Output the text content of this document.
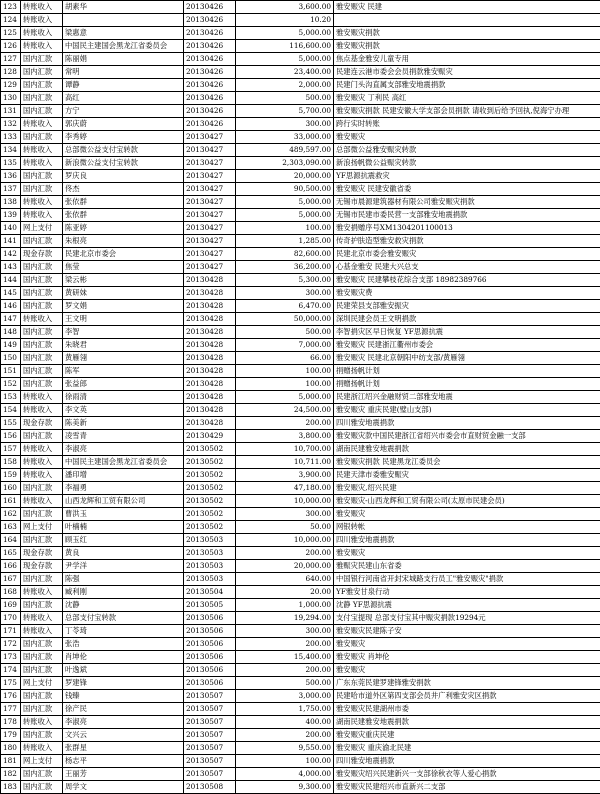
123	转账收入	胡素华	20130426	3,600.00	雅安赈灾 民建
124	转账收入		20130426	10.20	
125	转账收入	梁惠意	20130426	5,000.00	雅安赈灾捐款
126	转账收入	中国民主建国会黑龙江省委员会	20130426	116,600.00	雅安赈灾捐款
127	国内汇款	陈丽娟	20130426	5,000.00	焦点基金雅安儿童专用
128	国内汇款	常明	20130426	23,400.00	民建连云港市委会会员捐款雅安赈灾
129	国内汇款	谭静	20130426	2,000.00	民建门头沟直属支部雅安地震捐款
130	国内汇款	高红	20130426	500.00	雅安赈灾 丁利民 高红
131	国内汇款	方宁	20130426	5,700.00	雅安赈灾捐款 民建安徽大学支部会员捐款 请收到后给予回执,倪海宁办理
132	转账收入	郭庆蔚	20130426	300.00	跨行实时转账
133	国内汇款	李秀婷	20130427	33,000.00	雅安赈灾
134	转账收入	总部微公益支付宝转款	20130427	489,597.00	总部微公益雅安赈灾转款
135	转账收入	新浪微公益支付宝转款	20130427	2,303,090.00	新浪扬帆微公益赈灾转款
136	国内汇款	罗庆良	20130427	20,000.00	YF思源抗震救灾
137	国内汇款	佟杰	20130427	90,500.00	雅安赈灾 民建安徽省委
138	转账收入	张依群	20130427	5,000.00	无锡市晨源建筑器材有限公司雅安赈灾捐款
139	转账收入	张依群	20130427	5,000.00	无锡市民建市委民营一支部雅安地震捐款
140	网上支付	陈亚婷	20130427	100.00	雅安捐赠序号XM1304201100013
141	国内汇款	朱根亮	20130427	1,285.00	传奇护肤造型雅安救灾捐款
142	现金存款	民建北京市委会	20130427	82,600.00	民建北京市委会雅安赈灾
143	国内汇款	焦莹	20130427	36,200.00	心基金雅安 民建大兴总支
144	国内汇款	梁云彬	20130428	5,300.00	雅安赈灾 民建攀枝花综合支部 18982389766
145	国内汇款	黄研妹	20130428	300.00	雅安赈灾费
146	国内汇款	罗文娟	20130428	6,470.00	民建荣县支部雅安振灾
147	转账收入	王文明	20130428	50,000.00	深圳民建会员王文明捐款
148	国内汇款	李智	20130428	500.00	李智捐灾区早日恢复 YF思源抗震
149	国内汇款	朱晓君	20130428	7,000.00	雅安赈灾 民建浙江衢州市委会
150	国内汇款	黄雁翎	20130428	66.00	雅安赈灾 民建北京朝阳中纺支部/黄雁翎
151	国内汇款	陈军	20130428	100.00	捐赠扬帆计划
152	国内汇款	张益郎	20130428	100.00	捐赠扬帆计划
153	转账收入	徐雨清	20130428	5,000.00	民建浙江绍兴金融财贸二部雅安地震
154	转账收入	李文英	20130428	24,500.00	雅安赈灾 重庆民建(璧山支部)
155	现金存款	陈美新	20130428	200.00	四川雅安地震捐款
156	国内汇款	凌雪青	20130429	3,800.00	雅安赈灾款中国民建浙江省绍兴市委会市直财贸金融一支部
157	转账收入	李淑亮	20130502	10,700.00	湖南民建雅安地震捐款
158	转账收入	中国民主建国会黑龙江省委员会	20130502	10,711.00	雅安赈灾捐款 民建黑龙江委员会
159	转账收入	潘印增	20130502	3,900.00	民建天津市委雅安赈灾
160	国内汇款	李福勇	20130502	47,180.00	雅安赈灾,绍兴民建
161	转账收入	山西龙辉和工贸有限公司	20130502	10,000.00	雅安赈灾-山西龙辉和工贸有限公司(太原市民建会员)
162	国内汇款	曹洪玉	20130502	300.00	雅安赈灾
163	网上支付	叶楠楠	20130502	50.00	网银转帐
164	国内汇款	顾玉红	20130503	10,000.00	四川雅安地震捐款
165	现金存款	黄良	20130503	200.00	雅安赈灾
166	现金存款	尹学洋	20130503	20,000.00	雅赈灾民建山东省委
167	国内汇款	陈强	20130503	640.00	中国银行河南省开封宋城路支行员工"雅安赈灾"捐款
168	转账收入	臧利刚	20130504	20.00	YF雅安甘泉行动
169	国内汇款	沈静	20130505	1,000.00	沈静 YF思源抗震
170	转账收入	总部支付宝转款	20130506	19,294.00	支付宝提现 总部支付宝其中赈灾捐款19294元
171	转账收入	丁苓琦	20130506	300.00	雅安赈灾民建陈子安
172	国内汇款	张浩	20130506	200.00	雅安赈灾
173	国内汇款	肖坤伦	20130506	15,400.00	雅安赈灾 肖坤伦
174	国内汇款	叶逸斌	20130506	200.00	雅安赈灾
175	网上支付	罗建锋	20130506	500.00	广东东莞民建罗建锋雅安捐款
176	国内汇款	钱臻	20130507	3,000.00	民建哈市道外区第四支部会员井广利雅安灾区捐款
177	国内汇款	徐产民	20130507	1,750.00	雅安赈灾民建湖州市委
178	转账收入	李淑亮	20130507	400.00	湖南民建雅安地震捐款
179	国内汇款	文兴云	20130507	200.00	雅安赈灾重庆民建
180	转账收入	张群星	20130507	9,550.00	雅安赈灾 重庆渝北民建
181	网上支付	杨志平	20130507	100.00	四川雅安地震捐款
182	国内汇款	王丽芳	20130507	4,000.00	雅安赈灾绍兴民建新兴一支部徐秋衣等人爱心捐款
183	国内汇款	周学文	20130508	9,300.00	雅安赈灾民建绍兴市直新兴二支部
